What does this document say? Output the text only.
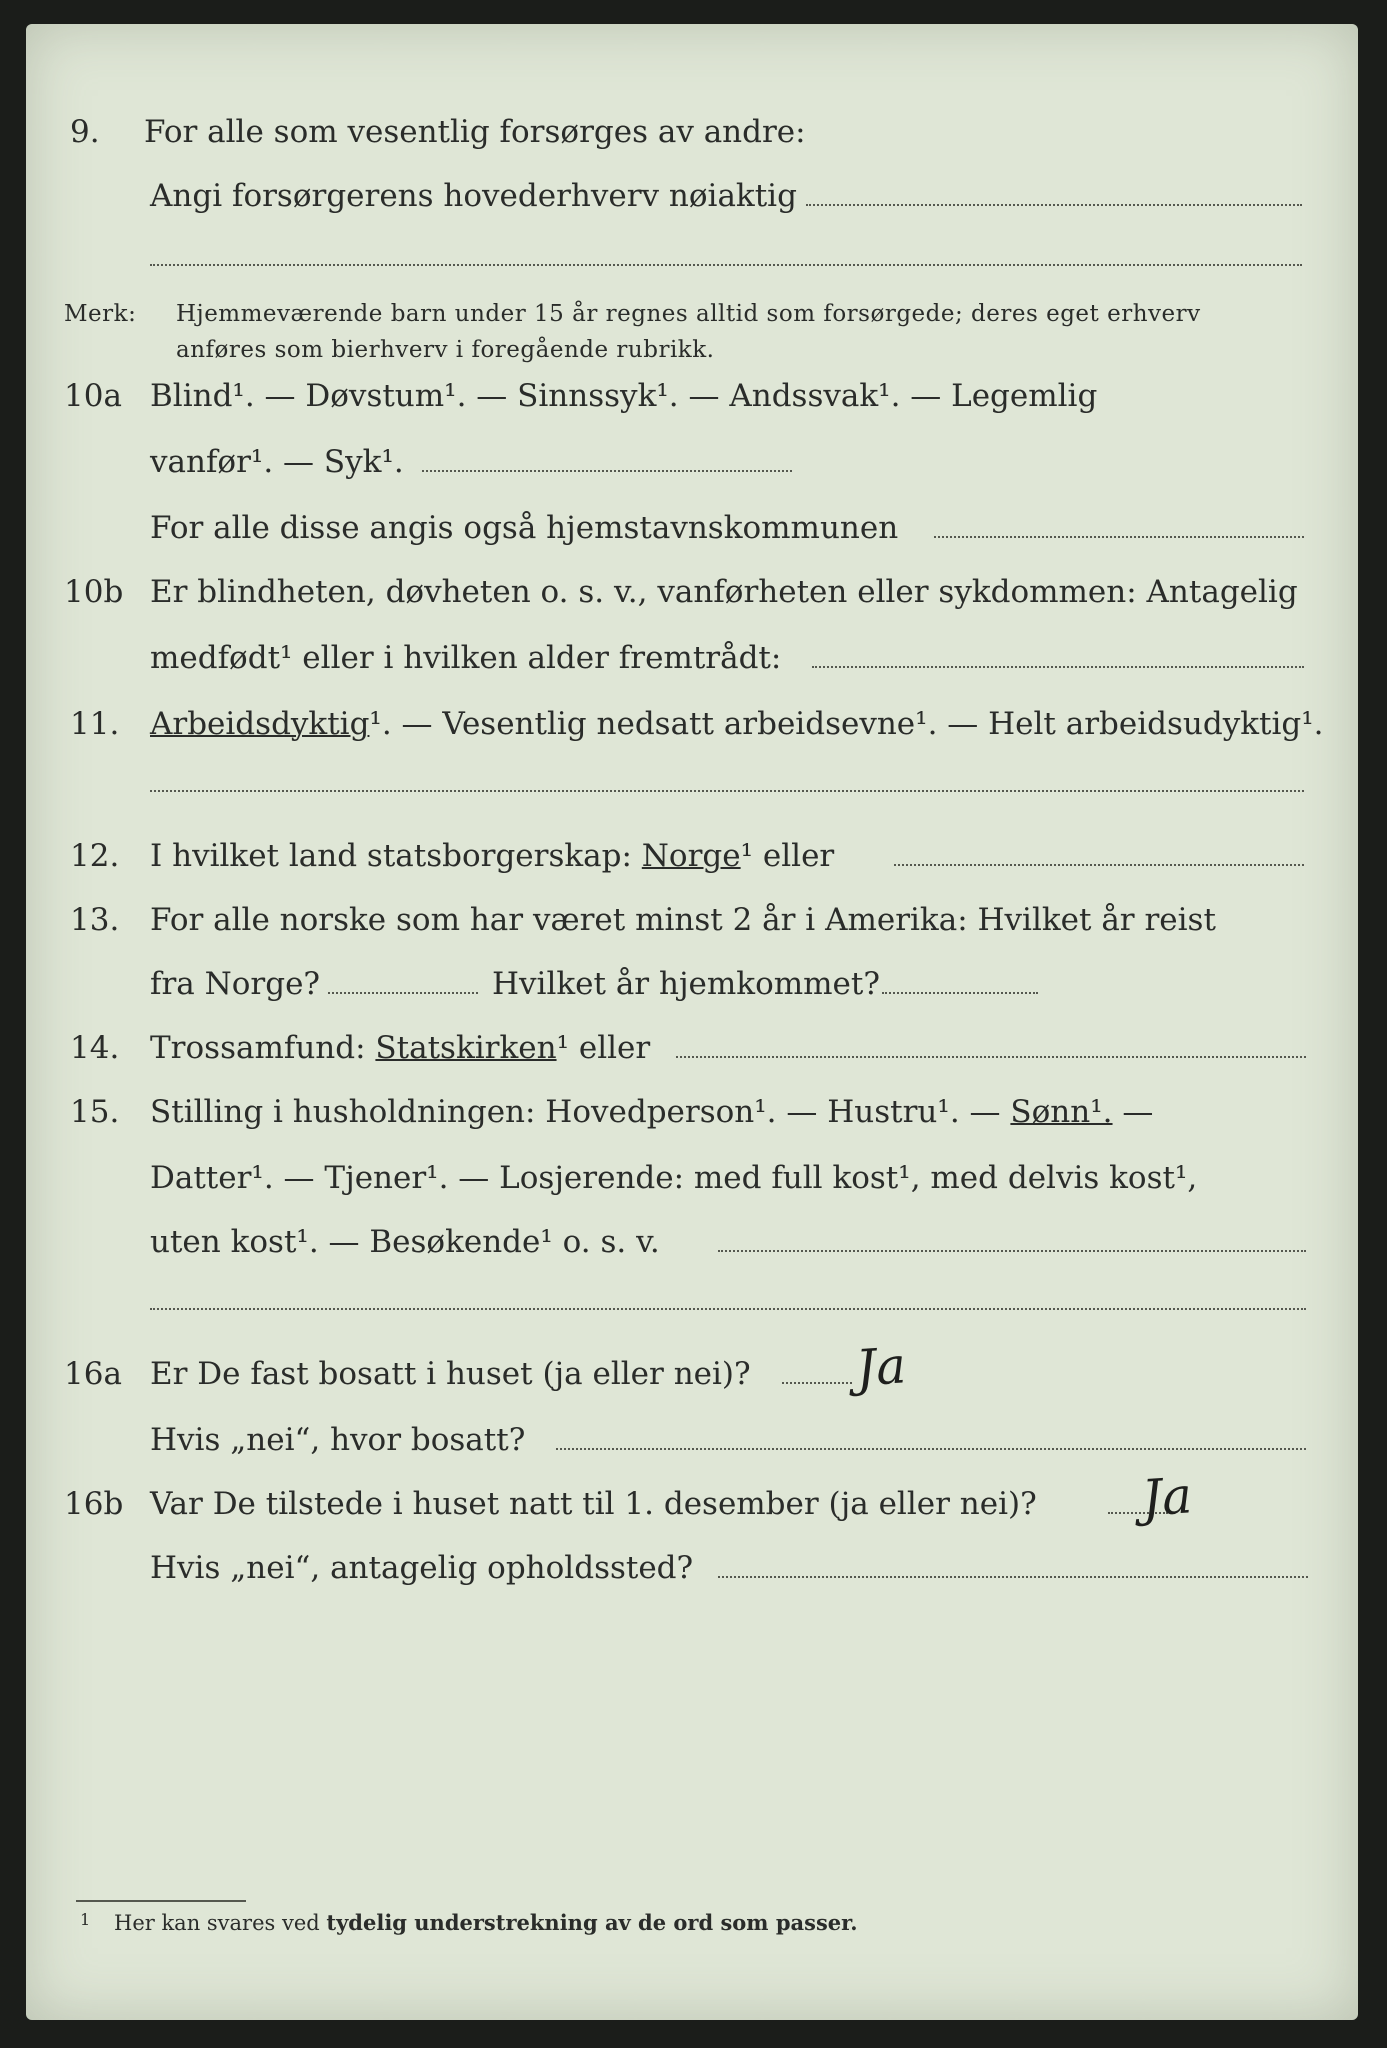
9.	For alle som vesentlig forsørges av andre:
Angi forsørgerens hovederhverv nøiaktig
Merk: Hjemmeværende barn under 15 år regnes alltid som forsørgede; deres eget erhverv
anføres som bierhverv i foregående rubrikk.
10a Blind¹. — Døvstum¹. — Sinnssyk¹. — Andssvak¹. — Legemlig
vanfør¹. — Syk¹.
For alle disse angis også hjemstavnskommunen
10b Er blindheten, døvheten o. s. v., vanførheten eller sykdommen: Antagelig
medfødt¹ eller i hvilken alder fremtrådt:
11. Arbeidsdyktig¹. — Vesentlig nedsatt arbeidsevne¹. — Helt arbeidsudyktig¹.
12. I hvilket land statsborgerskap: Norge¹ eller
13. For alle norske som har været minst 2 år i Amerika: Hvilket år reist
fra Norge?	Hvilket år hjemkommet?
14. Trossamfund: Statskirken¹ eller
15. Stilling i husholdningen: Hovedperson¹. — Hustru¹. — Sønn¹. —
Datter¹. — Tjener¹. — Losjerende: med full kost¹, med delvis kost¹,
uten kost¹. — Besøkende¹ o. s. v.
16a Er De fast bosatt i huset (ja eller nei)? Ja
Hvis „nei“, hvor bosatt?
16b Var De tilstede i huset natt til 1. desember (ja eller nei)? Ja
Hvis „nei“, antagelig opholdssted?
1 Her kan svares ved tydelig understrekning av de ord som passer.
